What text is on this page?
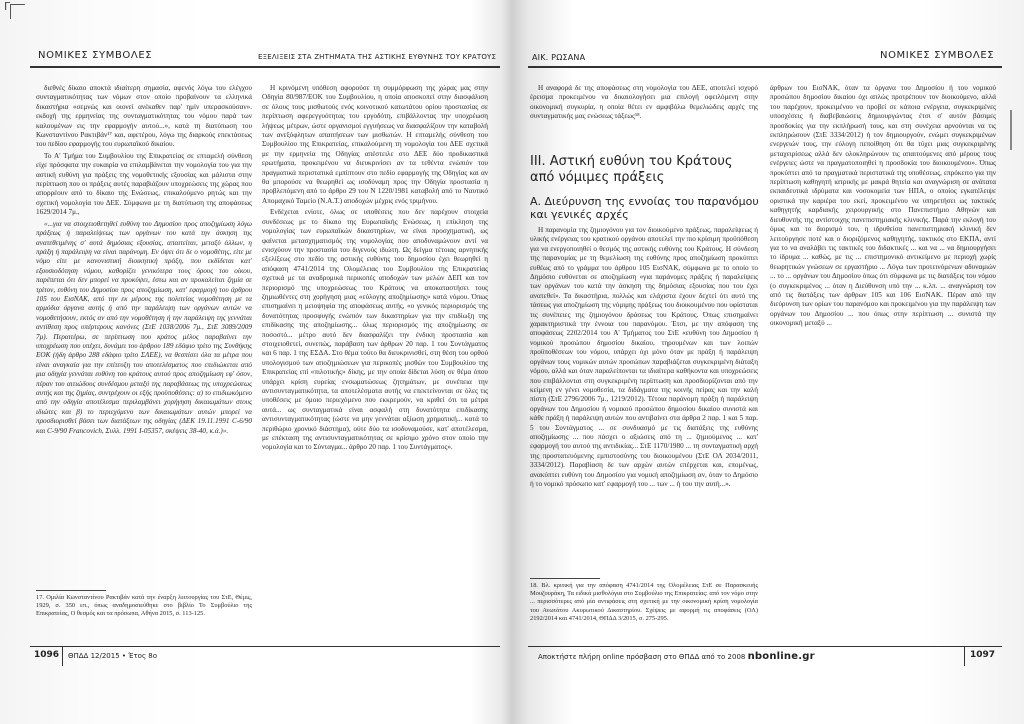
Γ
ΝΟΜΙΚΕΣ ΣΥΜΒΟΛΕΣ	ΕΞΕΛΙΞΕΙΣ ΣΤΑ ΖΗΤΗΜΑΤΑ ΤΗΣ ΑΣΤΙΚΗΣ ΕΥΘΥΝΗΣ ΤΟΥ ΚΡΑΤΟΥΣ

διεθνές δίκαιο αποκτά ιδιαίτερη σημασία, αφενός λόγω του ελέγχου συνταγματικότητας των νόμων στον οποίο προβαίνουν τα ελληνικά δικαστήρια «σεμνώς και οιονεί ανέκαθεν παρ' ημίν υπερασκούσαν». εκδοχή της ερμηνείας της συνταγματικότητας του νόμου παρά των καλουμένων εις την εφαρμογήν αυτού...», κατά τη διατύπωση του Κωνσταντίνου Ρακτιβάν¹⁷ και, αφετέρου, λόγω της διαρκούς επεκτάσεως του πεδίου εφαρμογής του ευρωπαϊκού δικαίου.

Το Α' Τμήμα του Συμβουλίου της Επικρατείας σε επταμελή σύνθεση είχε πρόσφατα την ευκαιρία να επιλαμβάνεται την νομολογία του για την αστική ευθύνη για πράξεις της νομοθετικής εξουσίας και μάλιστα στην περίπτωση που οι πράξεις αυτές παραβιάζουν υποχρεώσεις της χώρας που απορρέουν από το δίκαιο της Ενώσεως, επικαλούμενο ρητώς και την σχετική νομολογία του ΔΕΕ. Σύμφωνα με τη διατύπωση της αποφάσεως 1629/2014 7μ.,

«...για να στοιχειοθετηθεί ευθύνη του Δημοσίου προς αποζημίωση λόγω πράξεως ή παραλείψεως των οργάνων του κατά την άσκηση της ανατεθειμένης σ' αυτά δημόσιας εξουσίας, απαιτείται, μεταξύ άλλων, η πράξη ή παράλειψη να είναι παράνομη. Εν όψει ότι δε ο νομοθέτης, είτε με νόμο είτε με κανονιστική διοικητική πράξη, που εκδίδεται κατ' εξουσιοδότηση νόμου, καθορίζει γενικότερα τους όρους του οίκου, παρέπεται ότι δεν μπορεί να προκύψει, έστω και αν προκαλείται ζημία σε τρίτον, ευθύνη του Δημοσίου προς αποζημίωση, κατ' εφαρμογή του άρθρου 105 του ΕισΝΑΚ, από την εκ μέρους της πολιτείας νομοθέτηση με τα αρμόδια όργανα αυτής ή από την παράλειψη των οργάνων αυτών να νομοθετήσουν, εκτός αν από την νομοθέτηση ή την παράλειψη της γεννάται αντίθεση προς υπέρτερους κανόνες (ΣτΕ 1038/2006 7μ., ΣτΕ 3089/2009 7μ). Περαιτέρω, σε περίπτωση που κράτος μέλος παραβαίνει την υποχρέωση που υπέχει, δυνάμει του άρθρου 189 εδάφιο τρίτο της Συνθήκης ΕΟΚ (ήδη άρθρο 288 εδάφιο τρίτο ΣΛΕΕ), να θεσπίσει όλα τα μέτρα που είναι αναγκαία για την επίτευξη του αποτελέσματος που επιδιώκεται από μια οδηγία γεννάται ευθύνη του κράτους αυτού προς αποζημίωση εφ' όσον, πέραν του αιτιώδους συνδέσμου μεταξύ της παραβάσεως της υποχρεώσεως αυτής και της ζημίας, συντρέχουν οι εξής προϋποθέσεις: α) το επιδιωκόμενο από την οδηγία αποτέλεσμα περιλαμβάνει χορήγηση δικαιωμάτων στους ιδιώτες και β) το περιεχόμενο των δικαιωμάτων αυτών μπορεί να προσδιορισθεί βάσει των διατάξεων της οδηγίας (ΔΕΚ 19.11.1991 C-6/90 και C-9/90 Francovich, Συλλ. 1991 I-05357, σκέψεις 38-40, κ.ά.)».

Η κρινόμενη υπόθεση αφορούσε τη συμμόρφωση της χώρας μας στην Οδηγία 80/987/ΕΟΚ του Συμβουλίου, η οποία αποσκοπεί στην διασφάλιση σε όλους τους μισθωτούς ενός κοινοτικού κατωτάτου ορίου προστασίας σε περίπτωση αφερεγγυότητας του εργοδότη, επιβάλλοντας την υποχρέωση λήψεως μέτρων, ώστε οργανισμοί εγγυήσεως να διασφαλίζουν την καταβολή των ανεξόφλητων απαιτήσεων των μισθωτών. Η επταμελής σύνθεση του Συμβουλίου της Επικρατείας, επικαλούμενη τη νομολογία του ΔΕΕ σχετικά με την ερμηνεία της Οδηγίας απέστειλε στο ΔΕΕ δύο προδικαστικά ερωτήματα, προκειμένου να διευκρινίσει αν τα τεθέντα ενώπιόν του πραγματικά περιστατικά εμπίπτουν στο πεδίο εφαρμογής της Οδηγίας και αν θα μπορούσε να θεωρηθεί ως ισοδύναμη προς την Οδηγία προστασία η προβλεπόμενη από το άρθρο 29 του Ν 1220/1981 καταβολή από το Ναυτικό Απομαχικό Ταμείο (Ν.Α.Τ.) αποδοχών μέχρις ενός τριμήνου.

Ενδέχεται ενίοτε, όλως σε υποθέσεις που δεν παρέχουν στοιχεία συνδέσεως με το δίκαιο της Ευρωπαϊκής Ενώσεως, η επίκληση της νομολογίας των ευρωπαϊκών δικαστηρίων, να είναι προσχηματική, ως φαίνεται μετασχηματισμός της νομολογίας που αποδυναμώνουν αντί να ενισχύουν την προστασία του διγενούς ιδιώτη. Ως δείγμα τέτοιας αρνητικής εξελίξεως στο πεδίο της αστικής ευθύνης του δημοσίου έχει θεωρηθεί η απόφαση 4741/2014 της Ολομέλειας του Συμβουλίου της Επικρατείας σχετικά με τα αναδρομικά περικοπές αποδοχών των μελών ΔΕΠ και τον περιορισμό της υποχρεώσεως του Κράτους να αποκαταστήσει τους ζημιωθέντες στη χορήγηση μιας «εύλογης αποζημίωσης» κατά νόμου. Όπως επισημαίνει η μειοψηφία της αποφάσεως αυτής, «ο γενικός περιορισμός της δυνατότητας προσφυγής ενώπιόν των δικαστηρίων για την επιδίωξη της επιδίκασης της αποζημίωσης... όλως περιορισμός της αποζημίωσης σε ποσοστό... μέτρο αυτό δεν διασφαλίζει την ένδικη προστασία και στοιχειοθετεί, συνεπώς, παράβαση των άρθρων 20 παρ. 1 του Συντάγματος και 6 παρ. 1 της ΕΣΔΑ. Στο θέμα τούτο θα διευκρινισθεί, στη θέση του ορθού υπολογισμού των αποζημιώσεων για περικοπές μισθών του Συμβουλίου της Επικρατείας επί «πιλοτικής» δίκης, με την οποία δίδεται λύση σε θέμα όπου υπάρχει κρίση ευρείας ενσωματώσεως ζητημάτων, με συνέπεια την αντισυνταγματικότητα, τα αποτελέσματα αυτής να επεκτείνονται σε όλες τις υποθέσεις με όμοιο περιεχόμενο που εκκρεμούν, να κριθεί ότι τα μέτρα αυτά... ως συνταγματικά είναι ασφαλή στη δυνατότητα επιδίκασης αντισυνταγματικότητας (ώστε να μην γεννάται αξίωση χρηματική... κατά το περιθώριο χρονικό διάστημα), ούτε δύο τα ισοδυναμούσε, κατ' αποτέλεσμα, με επέκταση της αντισυνταγματικότητας σε κρίσιμο χρόνο στον οποίο την νομολογία και το Σύνταγμα... άρθρο 20 παρ. 1 του Συντάγματος».

17. Ομιλία Κωνσταντίνου Ρακτιβάν κατά την έναρξη λειτουργίας του ΣτΕ, Θέμις, 1929, σ. 350 επ., όπως αναδημοσιεύθηκε στο βιβλίο Το Συμβούλιο της Επικρατείας, Ο θεσμός και τα πρόσωπα, Αθήνα 2015, σ. 113-125.
1096 ΘΠΔΔ 12/2015 • Έτος 8ο
ΑΙΚ. ΡΩΣΑΝΑ	ΝΟΜΙΚΕΣ ΣΥΜΒΟΛΕΣ

Η αναφορά δε της αποφάσεως στη νομολογία του ΔΕΕ, αποτελεί ισχυρό έρεισμα προκειμένου να δικαιολογήσει μια επιλογή οφειλόμενη στην οικονομική συγκυρία, η οποία θέτει εν αμφιβόλω θεμελιώδεις αρχές της συνταγματικής μας ενώσεως τάξεως¹⁸.

III. Αστική ευθύνη του Κράτους από νόμιμες πράξεις
Α. Διεύρυνση της εννοίας του παρανόμου και γενικές αρχές

Η παρανομία της ζημιογόνου για τον διοικούμενο πράξεως, παραλείψεως ή υλικής ενέργειας του κρατικού οργάνου αποτελεί την πιο κρίσιμη προϋπόθεση για να ενεργοποιηθεί ο θεσμός της αστικής ευθύνης του Κράτους. Η σύνδεση της παρανομίας με τη θεμελίωση της ευθύνης προς αποζημίωση προκύπτει ευθέως από το γράμμα του άρθρου 105 ΕισΝΑΚ, σύμφωνα με το οποίο το Δημόσιο ευθύνεται σε αποζημίωση «για παράνομες πράξεις ή παραλείψεις των οργάνων του κατά την άσκηση της δημόσιας εξουσίας που του έχει ανατεθεί». Τα δικαστήρια, πολλώς και ελάχιστα έχουν δεχτεί ότι αυτό της τάσεως για αποζημίωση της νόμιμης πράξεως του διοικουμένου που υφίσταται τις συνέπειες της ζημιογόνου δράσεως του Κράτους. Όπως επισημαίνει χαρακτηριστικά την έννοια του παρανόμου. Έτσι, με την απόφαση της αποφάσεως 2202/2014 του Α' Τμήματος του ΣτΕ «ευθύνη του Δημοσίου ή νομικού προσώπου δημοσίου δικαίου, τηρουμένων και των λοιπών προϋποθέσεων του νόμου, υπάρχει όχι μόνο όταν με πράξη ή παράλειψη οργάνων τους νομικών αυτών προσώπων παραβιάζεται συγκεκριμένη διάταξη νόμου, αλλά και όταν παραλείπονται τα ιδιαίτερα καθήκοντα και υποχρεώσεις που επιβάλλονται στη συγκεκριμένη περίπτωση και προσδιορίζονται από την κείμενη εν γένει νομοθεσία, τα διδάγματα της κοινής πείρας και την καλή πίστη (ΣτΕ 2796/2006 7μ., 1219/2012). Τέτοια παράνομη πράξη ή παράλειψη οργάνων του Δημοσίου ή νομικού προσώπου δημοσίου δικαίου συνιστά και κάθε πράξη ή παράλειψη αυτών που αντιβαίνει στα άρθρα 2 παρ. 1 και 5 παρ. 5 του Συντάγματος ... σε συνδυασμό με τις διατάξεις της ευθύνης αποζημίωσης ... που πάσχει ο αξιώσεις από τη ... ζημιούμενος ... κατ' εφαρμογή του αυτού της αντιδικίας... ΣτΕ 1170/1980 ... τη συνταγματική αρχή της προστατευόμενης εμπιστοσύνης του διοικουμένου (ΣτΕ ΟΛ 2034/2011, 3334/2012). Παραβίαση δε των αρχών αυτών επέρχεται και, επομένως, ανακύπτει ευθύνη του Δημοσίου για νομική αποζημίωση αν, όταν το Δημόσιο ή το νομικό πρόσωπο κατ' εφαρμογή του ... των ... ή του την αυτή...».

18. Βλ. κριτική για την απόφαση 4741/2014 της Ολομέλειας ΣτΕ σε Παρασκευής Μουζουράκη, Τα ειδικά μισθολόγια στο Συμβούλιο της Επικρατείας: από τον νόμο στην ... περισσότερες από μία αντιφάσεις στη σχετική με την οικονομική κρίση νομολογία του Ανωτάτου Ακυρωτικού Δικαστηρίου. Σχέψεις με αφορμή τις αποφάσεις (ΟΛ) 2192/2014 και 4741/2014, ΘΠΔΔ 3/2015, σ. 275-295.

άρθρων του ΕισΝΑΚ, όταν τα όργανα του Δημοσίου ή του νομικού προσώπου δημοσίου δικαίου όχι απλώς προτρέπουν τον διοικούμενο, αλλά του παρέχουν, προκειμένου να προβεί σε κάποια ενέργεια, συγκεκριμένες υποσχέσεις ή διαβεβαιώσεις δημιουργώντας έτσι σ' αυτόν βάσιμες προσδοκίες για την εκπλήρωσή τους, και στη συνέχεια αρνούνται να τις εκπληρώσουν (ΣτΕ 3334/2012) ή τον δημιουργούν, ενώμει συγκεκριμένων ενεργειών τους, την εύλογη πεποίθηση ότι θα τύχει μιας συγκεκριμένης μεταχειρίσεως αλλά δεν ολοκληρώνουν τις απαιτούμενες από μέρους τους ενέργειες ώστε να πραγματοποιηθεί η προσδοκία του διοικουμένου». Όπως προκύπτει από τα πραγματικά περιστατικά της υποθέσεως, επρόκειτο για την περίπτωση καθηγητή ιατρικής με μακρά θητεία και αναγνώριση σε ανάτατα εκπαιδευτικά ιδρύματα και νοσοκομεία των ΗΠΑ, ο οποίος εγκατέλειψε οριστικά την καριέρα του εκεί, προκειμένου να υπηρετήσει ως τακτικός καθηγητής καρδιακής χειρουργικής στο Πανεπιστήμιο Αθηνών και διευθυντής της αντίστοιχης πανεπιστημιακής κλινικής. Παρά την εκλογή του όμως και το διορισμό του, η ιδρυθείσα πανεπιστημιακή κλινική δεν λειτούργησε ποτέ και ο διοριζόμενος καθηγητής, τακτικός στο ΕΚΠΑ, αντί για το να αναλάβει τις τακτικές του διδακτικές ... και να ... να δημιουργήσει το ίδρυμα ... καθώς, με τις ... επιστημονικό αντικείμενο με περιοχή χωρίς θεωρητικών γνώσεων σε εργαστήριο ... Λόγω των προτεινόμενων αδυναμιών ... το ... οργάνων του Δημοσίου όπως ότι σύμφωνα με τις διατάξεις του νόμου (ο συγκεκριμένος ... όταν η Διεύθυνση υπό την ... κ.λπ. ... αναγνώριση τον από τις διατάξεις των άρθρων 105 και 106 ΕισΝΑΚ. Πέραν από την διεύρυνση των ορίων του παρανόμου και προκειμένου για την παράλειψη των οργάνων του Δημοσίου ... που όπως στην περίπτωση ... συνιστά την οικονομική μεταξύ ...

Αποκτήστε πλήρη online πρόσβαση στο ΘΠΔΔ από το 2008 nbonline.gr	1097
